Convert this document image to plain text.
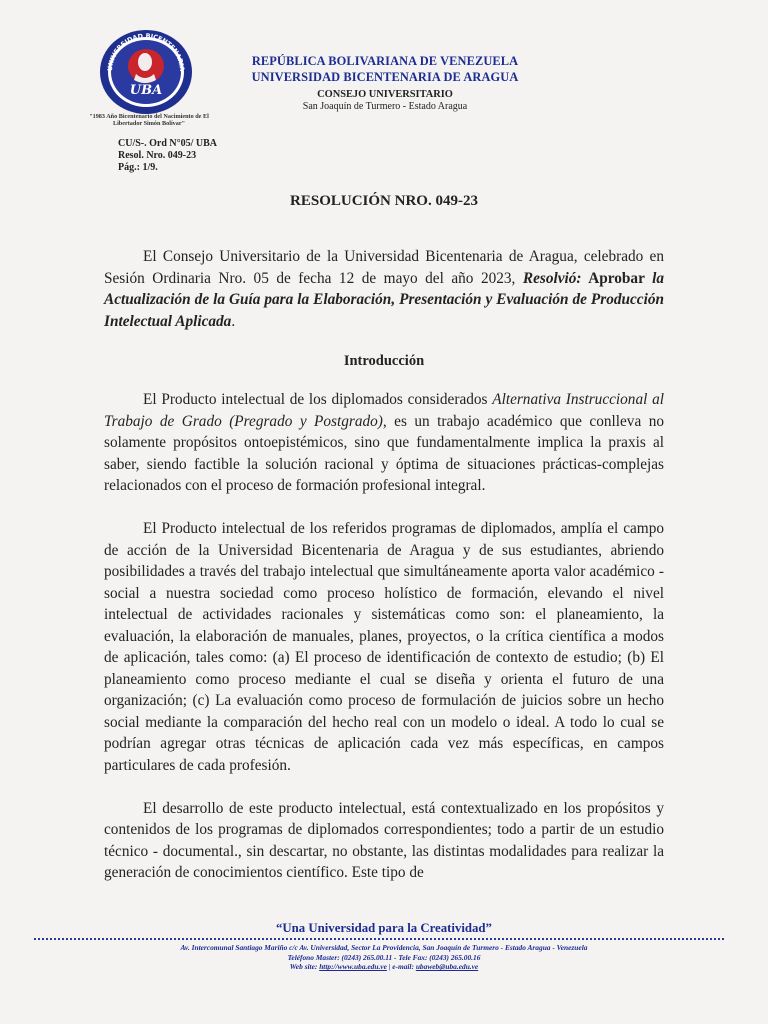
UNIVERSIDAD BICENTENARIA
UBA
ARAGUA
"1983 Año Bicentenario del Nacimiento de El Libertador Simón Bolívar"
CU/S-. Ord N°05/ UBA
Resol. Nro. 049-23
Pág.: 1/9.
REPÚBLICA BOLIVARIANA DE VENEZUELA
UNIVERSIDAD BICENTENARIA DE ARAGUA
CONSEJO UNIVERSITARIO
San Joaquín de Turmero - Estado Aragua
RESOLUCIÓN NRO. 049-23

El Consejo Universitario de la Universidad Bicentenaria de Aragua, celebrado en Sesión Ordinaria Nro. 05 de fecha 12 de mayo del año 2023, Resolvió: Aprobar la Actualización de la Guía para la Elaboración, Presentación y Evaluación de Producción Intelectual Aplicada.

Introducción

El Producto intelectual de los diplomados considerados Alternativa Instruccional al Trabajo de Grado (Pregrado y Postgrado), es un trabajo académico que conlleva no solamente propósitos ontoepistémicos, sino que fundamentalmente implica la praxis al saber, siendo factible la solución racional y óptima de situaciones prácticas-complejas relacionados con el proceso de formación profesional integral.

El Producto intelectual de los referidos programas de diplomados, amplía el campo de acción de la Universidad Bicentenaria de Aragua y de sus estudiantes, abriendo posibilidades a través del trabajo intelectual que simultáneamente aporta valor académico - social a nuestra sociedad como proceso holístico de formación, elevando el nivel intelectual de actividades racionales y sistemáticas como son: el planeamiento, la evaluación, la elaboración de manuales, planes, proyectos, o la crítica científica a modos de aplicación, tales como: (a) El proceso de identificación de contexto de estudio; (b) El planeamiento como proceso mediante el cual se diseña y orienta el futuro de una organización; (c) La evaluación como proceso de formulación de juicios sobre un hecho social mediante la comparación del hecho real con un modelo o ideal. A todo lo cual se podrían agregar otras técnicas de aplicación cada vez más específicas, en campos particulares de cada profesión.

El desarrollo de este producto intelectual, está contextualizado en los propósitos y contenidos de los programas de diplomados correspondientes; todo a partir de un estudio técnico - documental., sin descartar, no obstante, las distintas modalidades para realizar la generación de conocimientos científico. Este tipo de

“Una Universidad para la Creatividad”
Av. Intercomunal Santiago Mariño c/c Av. Universidad, Sector La Providencia, San Joaquín de Turmero - Estado Aragua - Venezuela
Teléfono Master: (0243) 265.00.11 - Tele Fax: (0243) 265.00.16
Web site: http://www.uba.edu.ve | e-mail: ubaweb@uba.edu.ve
